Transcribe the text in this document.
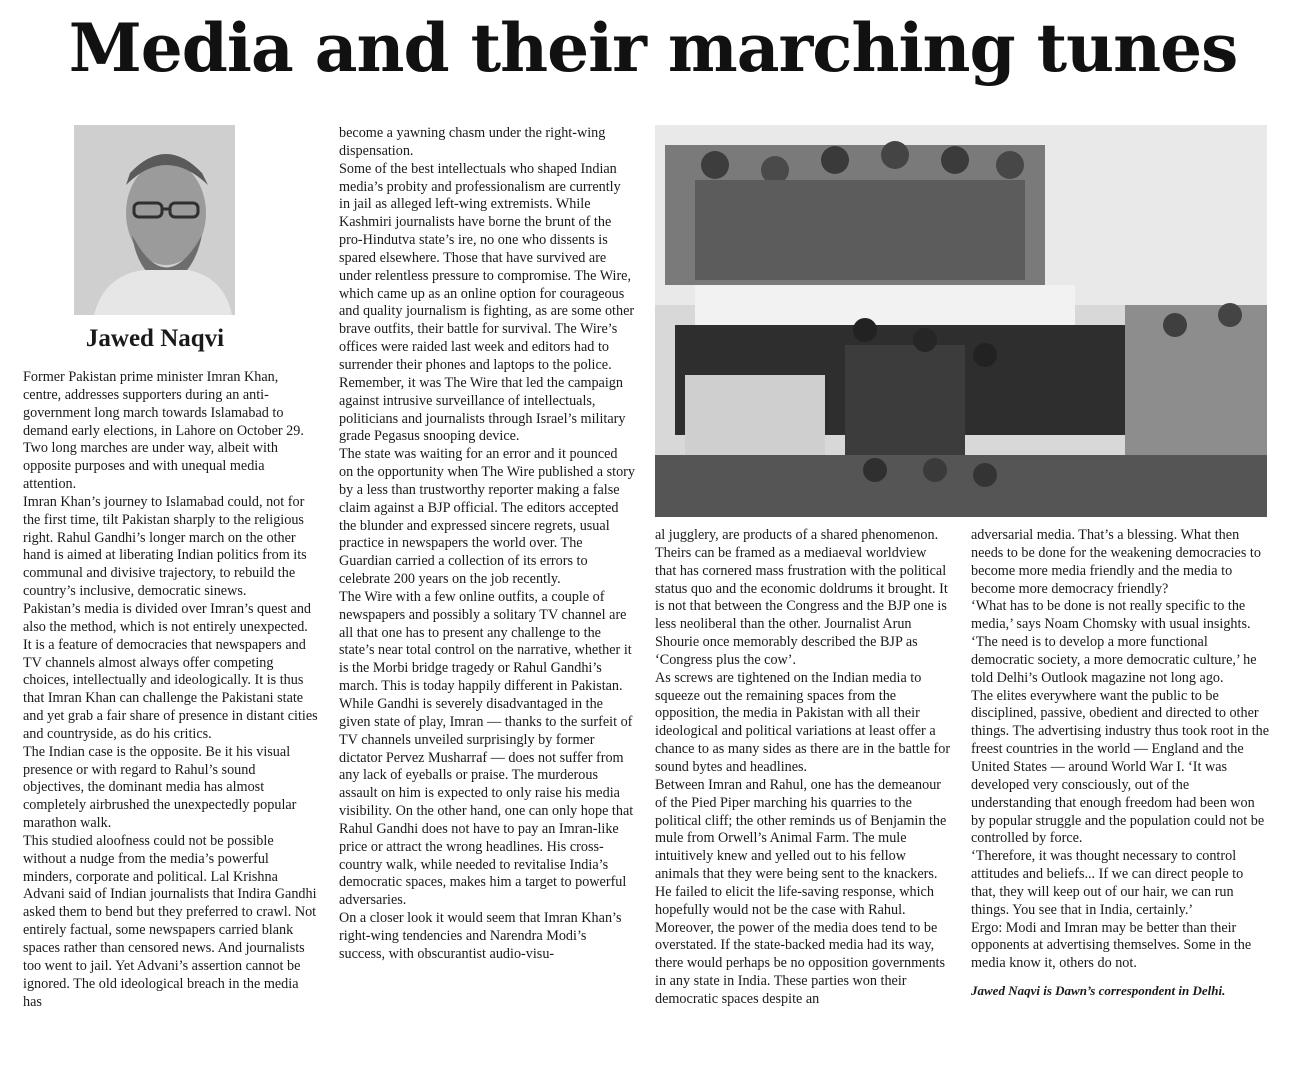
Media and their marching tunes
Jawed Naqvi

Former Pakistan prime minister Imran Khan, centre, addresses supporters during an anti-government long march towards Islamabad to demand early elections, in Lahore on October 29.

Two long marches are under way, albeit with opposite purposes and with unequal media attention.

Imran Khan’s journey to Islamabad could, not for the first time, tilt Pakistan sharply to the religious right. Rahul Gandhi’s longer march on the other hand is aimed at liberating Indian politics from its communal and divisive trajectory, to rebuild the country’s inclusive, democratic sinews.

Pakistan’s media is divided over Imran’s quest and also the method, which is not entirely unexpected. It is a feature of democracies that newspapers and TV channels almost always offer competing choices, intellectually and ideologically. It is thus that Imran Khan can challenge the Pakistani state and yet grab a fair share of presence in distant cities and countryside, as do his critics.

The Indian case is the opposite. Be it his visual presence or with regard to Rahul’s sound objectives, the dominant media has almost completely airbrushed the unexpectedly popular marathon walk.

This studied aloofness could not be possible without a nudge from the media’s powerful minders, corporate and political. Lal Krishna Advani said of Indian journalists that Indira Gandhi asked them to bend but they preferred to crawl. Not entirely factual, some newspapers carried blank spaces rather than censored news. And journalists too went to jail. Yet Advani’s assertion cannot be ignored. The old ideological breach in the media has

become a yawning chasm under the right-wing dispensation.

Some of the best intellectuals who shaped Indian media’s probity and professionalism are currently in jail as alleged left-wing extremists. While Kashmiri journalists have borne the brunt of the pro-Hindutva state’s ire, no one who dissents is spared elsewhere. Those that have survived are under relentless pressure to compromise. The Wire, which came up as an online option for courageous and quality journalism is fighting, as are some other brave outfits, their battle for survival. The Wire’s offices were raided last week and editors had to surrender their phones and laptops to the police. Remember, it was The Wire that led the campaign against intrusive surveillance of intellectuals, politicians and journalists through Israel’s military grade Pegasus snooping device.

The state was waiting for an error and it pounced on the opportunity when The Wire published a story by a less than trustworthy reporter making a false claim against a BJP official. The editors accepted the blunder and expressed sincere regrets, usual practice in newspapers the world over. The Guardian carried a collection of its errors to celebrate 200 years on the job recently.

The Wire with a few online outfits, a couple of newspapers and possibly a solitary TV channel are all that one has to present any challenge to the state’s near total control on the narrative, whether it is the Morbi bridge tragedy or Rahul Gandhi’s march. This is today happily different in Pakistan.

While Gandhi is severely disadvantaged in the given state of play, Imran — thanks to the surfeit of TV channels unveiled surprisingly by former dictator Pervez Musharraf — does not suffer from any lack of eyeballs or praise. The murderous assault on him is expected to only raise his media visibility. On the other hand, one can only hope that Rahul Gandhi does not have to pay an Imran-like price or attract the wrong headlines. His cross-country walk, while needed to revitalise India’s democratic spaces, makes him a target to powerful adversaries.

On a closer look it would seem that Imran Khan’s right-wing tendencies and Narendra Modi’s success, with obscurantist audio-visu-

al jugglery, are products of a shared phenomenon. Theirs can be framed as a mediaeval worldview that has cornered mass frustration with the political status quo and the economic doldrums it brought. It is not that between the Congress and the BJP one is less neoliberal than the other. Journalist Arun Shourie once memorably described the BJP as ‘Congress plus the cow’.

As screws are tightened on the Indian media to squeeze out the remaining spaces from the opposition, the media in Pakistan with all their ideological and political variations at least offer a chance to as many sides as there are in the battle for sound bytes and headlines.

Between Imran and Rahul, one has the demeanour of the Pied Piper marching his quarries to the political cliff; the other reminds us of Benjamin the mule from Orwell’s Animal Farm. The mule intuitively knew and yelled out to his fellow animals that they were being sent to the knackers. He failed to elicit the life-saving response, which hopefully would not be the case with Rahul. Moreover, the power of the media does tend to be overstated. If the state-backed media had its way, there would perhaps be no opposition governments in any state in India. These parties won their democratic spaces despite an

adversarial media. That’s a blessing. What then needs to be done for the weakening democracies to become more media friendly and the media to become more democracy friendly?

‘What has to be done is not really specific to the media,’ says Noam Chomsky with usual insights. ‘The need is to develop a more functional democratic society, a more democratic culture,’ he told Delhi’s Outlook magazine not long ago.

The elites everywhere want the public to be disciplined, passive, obedient and directed to other things. The advertising industry thus took root in the freest countries in the world — England and the United States — around World War I. ‘It was developed very consciously, out of the understanding that enough freedom had been won by popular struggle and the population could not be controlled by force.

‘Therefore, it was thought necessary to control attitudes and beliefs... If we can direct people to that, they will keep out of our hair, we can run things. You see that in India, certainly.’

Ergo: Modi and Imran may be better than their opponents at advertising themselves. Some in the media know it, others do not.

Jawed Naqvi is Dawn’s correspondent in Delhi.
